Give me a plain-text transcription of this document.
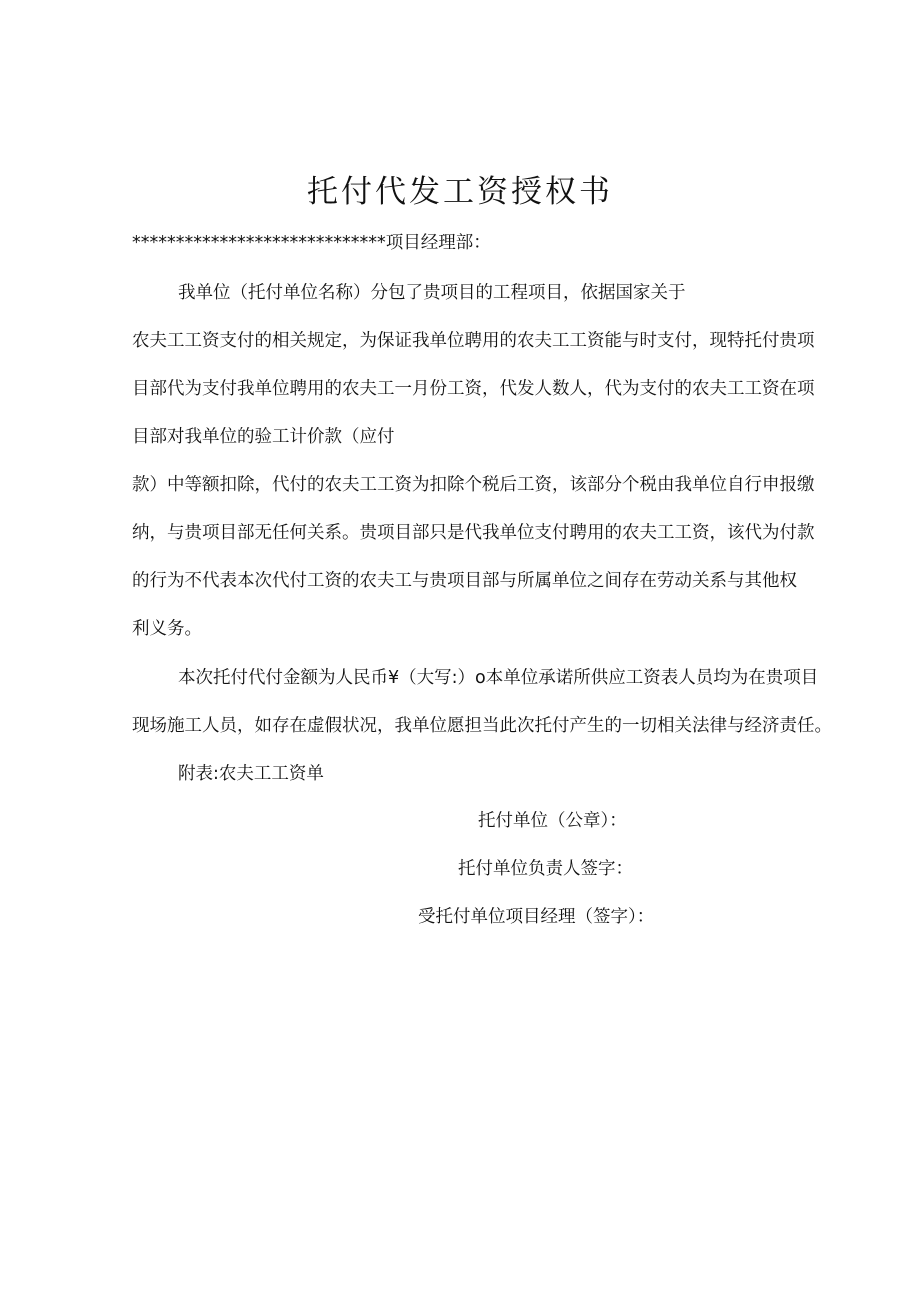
托付代发工资授权书
*****************************项目经理部：
我单位（托付单位名称）分包了贵项目的工程项目，依据国家关于
农夫工工资支付的相关规定，为保证我单位聘用的农夫工工资能与时支付，现特托付贵项
目部代为支付我单位聘用的农夫工一月份工资，代发人数人，代为支付的农夫工工资在项
目部对我单位的验工计价款（应付
款）中等额扣除，代付的农夫工工资为扣除个税后工资，该部分个税由我单位自行申报缴
纳，与贵项目部无任何关系。贵项目部只是代我单位支付聘用的农夫工工资，该代为付款
的行为不代表本次代付工资的农夫工与贵项目部与所属单位之间存在劳动关系与其他权
利义务。
本次托付代付金额为人民币¥（大写:）o本单位承诺所供应工资表人员均为在贵项目
现场施工人员，如存在虚假状况，我单位愿担当此次托付产生的一切相关法律与经济责任。
附表:农夫工工资单
托付单位（公章）：
托付单位负责人签字：
受托付单位项目经理（签字）：
